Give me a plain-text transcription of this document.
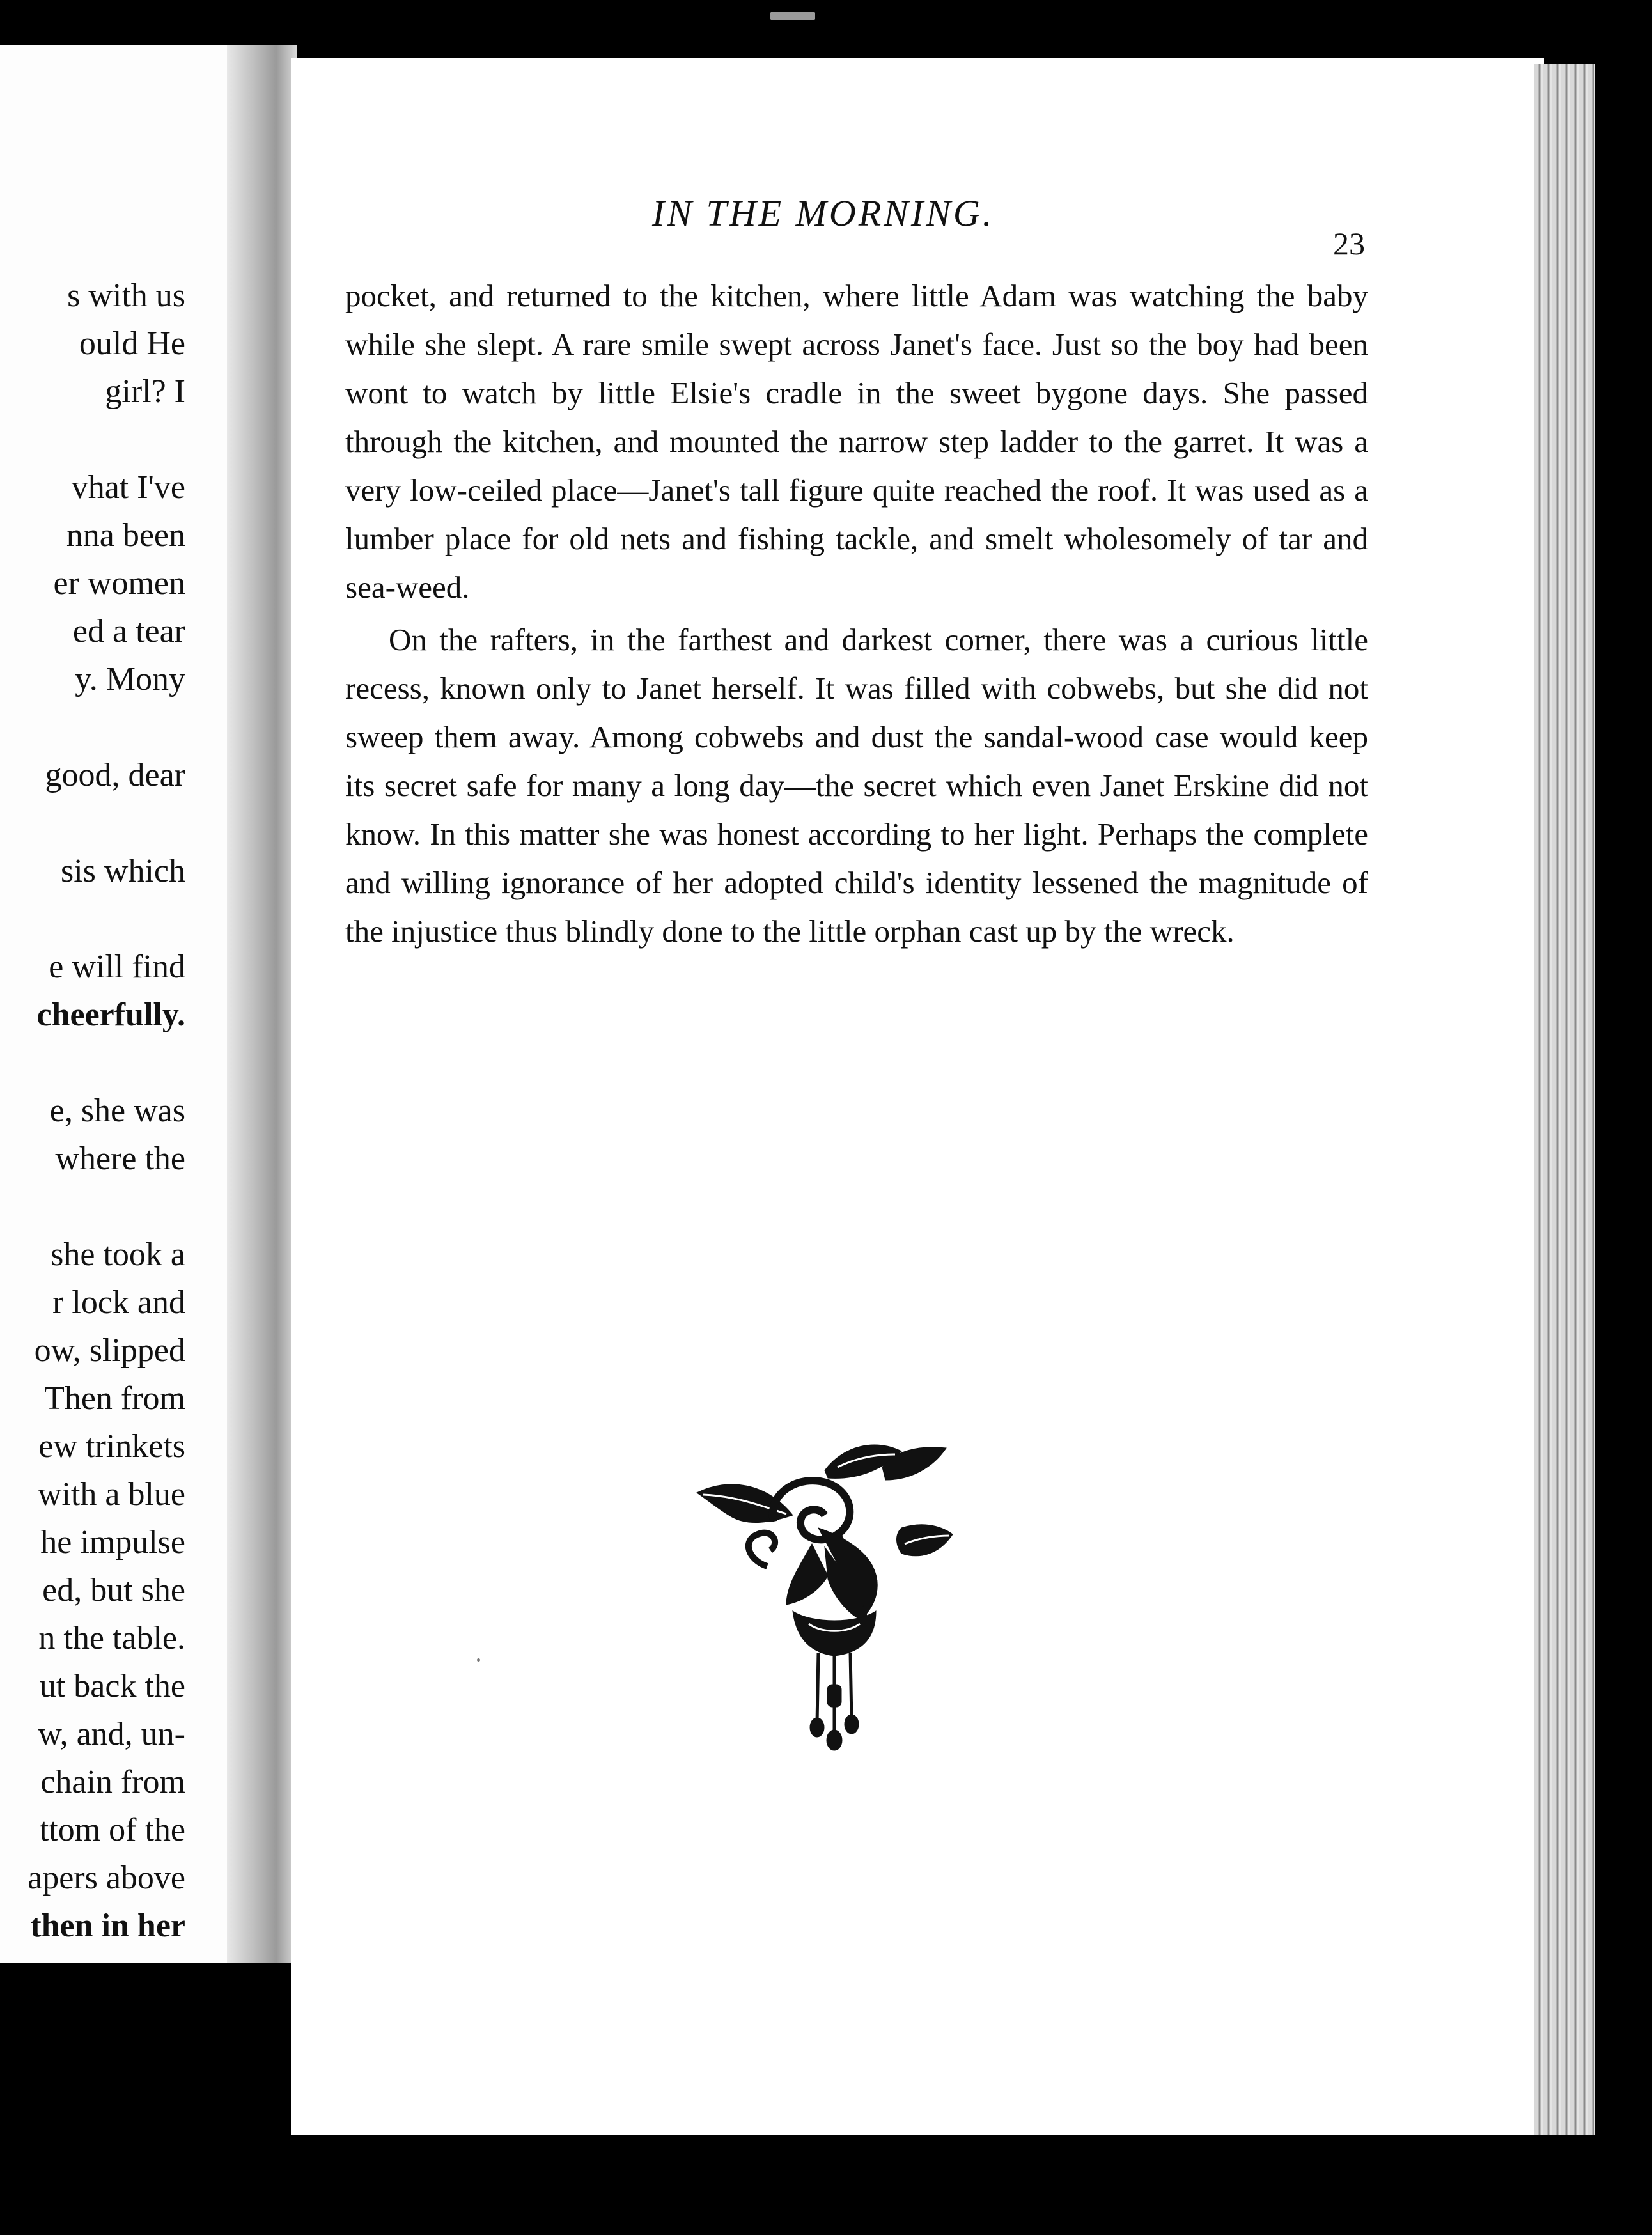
s with us
ould He
girl? I
vhat I've
nna been
er women
ed a tear
y. Mony
good, dear
sis which
e will find
cheerfully.
e, she was
where the
she took a
r lock and
ow, slipped
Then from
ew trinkets
with a blue
he impulse
ed, but she
n the table.
ut back the
w, and, un-
chain from
ttom of the
apers above
then in her
IN THE MORNING.
23

pocket, and returned to the kitchen, where little Adam was watching the baby while she slept. A rare smile swept across Janet's face. Just so the boy had been wont to watch by little Elsie's cradle in the sweet bygone days. She passed through the kitchen, and mounted the narrow step ladder to the garret. It was a very low-ceiled place—Janet's tall figure quite reached the roof. It was used as a lumber place for old nets and fishing tackle, and smelt wholesomely of tar and sea-weed.

On the rafters, in the farthest and darkest corner, there was a curious little recess, known only to Janet herself. It was filled with cobwebs, but she did not sweep them away. Among cobwebs and dust the sandal-wood case would keep its secret safe for many a long day—the secret which even Janet Erskine did not know. In this matter she was honest according to her light. Perhaps the complete and willing ignorance of her adopted child's identity lessened the magnitude of the injustice thus blindly done to the little orphan cast up by the wreck.
